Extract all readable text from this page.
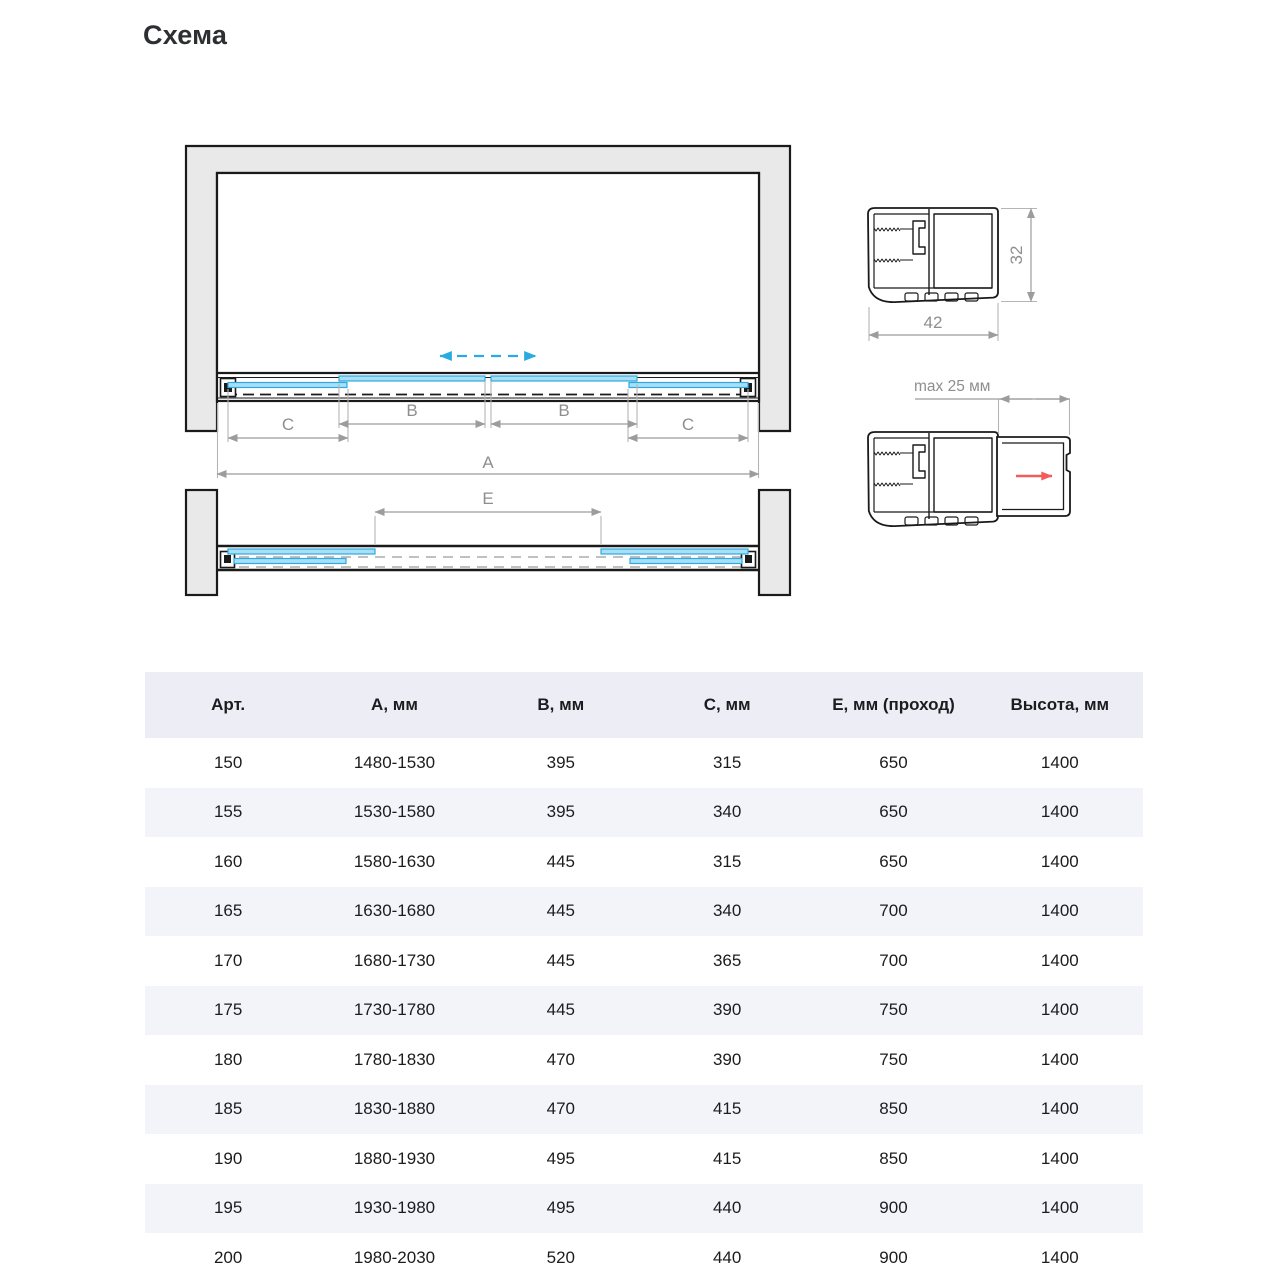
Схема
B	B
C	C
A
E
32
42
max 25 мм
Арт.	А, мм	В, мм	С, мм	Е, мм (проход)	Высота, мм
150	1480-1530	395	315	650	1400
155	1530-1580	395	340	650	1400
160	1580-1630	445	315	650	1400
165	1630-1680	445	340	700	1400
170	1680-1730	445	365	700	1400
175	1730-1780	445	390	750	1400
180	1780-1830	470	390	750	1400
185	1830-1880	470	415	850	1400
190	1880-1930	495	415	850	1400
195	1930-1980	495	440	900	1400
200	1980-2030	520	440	900	1400
